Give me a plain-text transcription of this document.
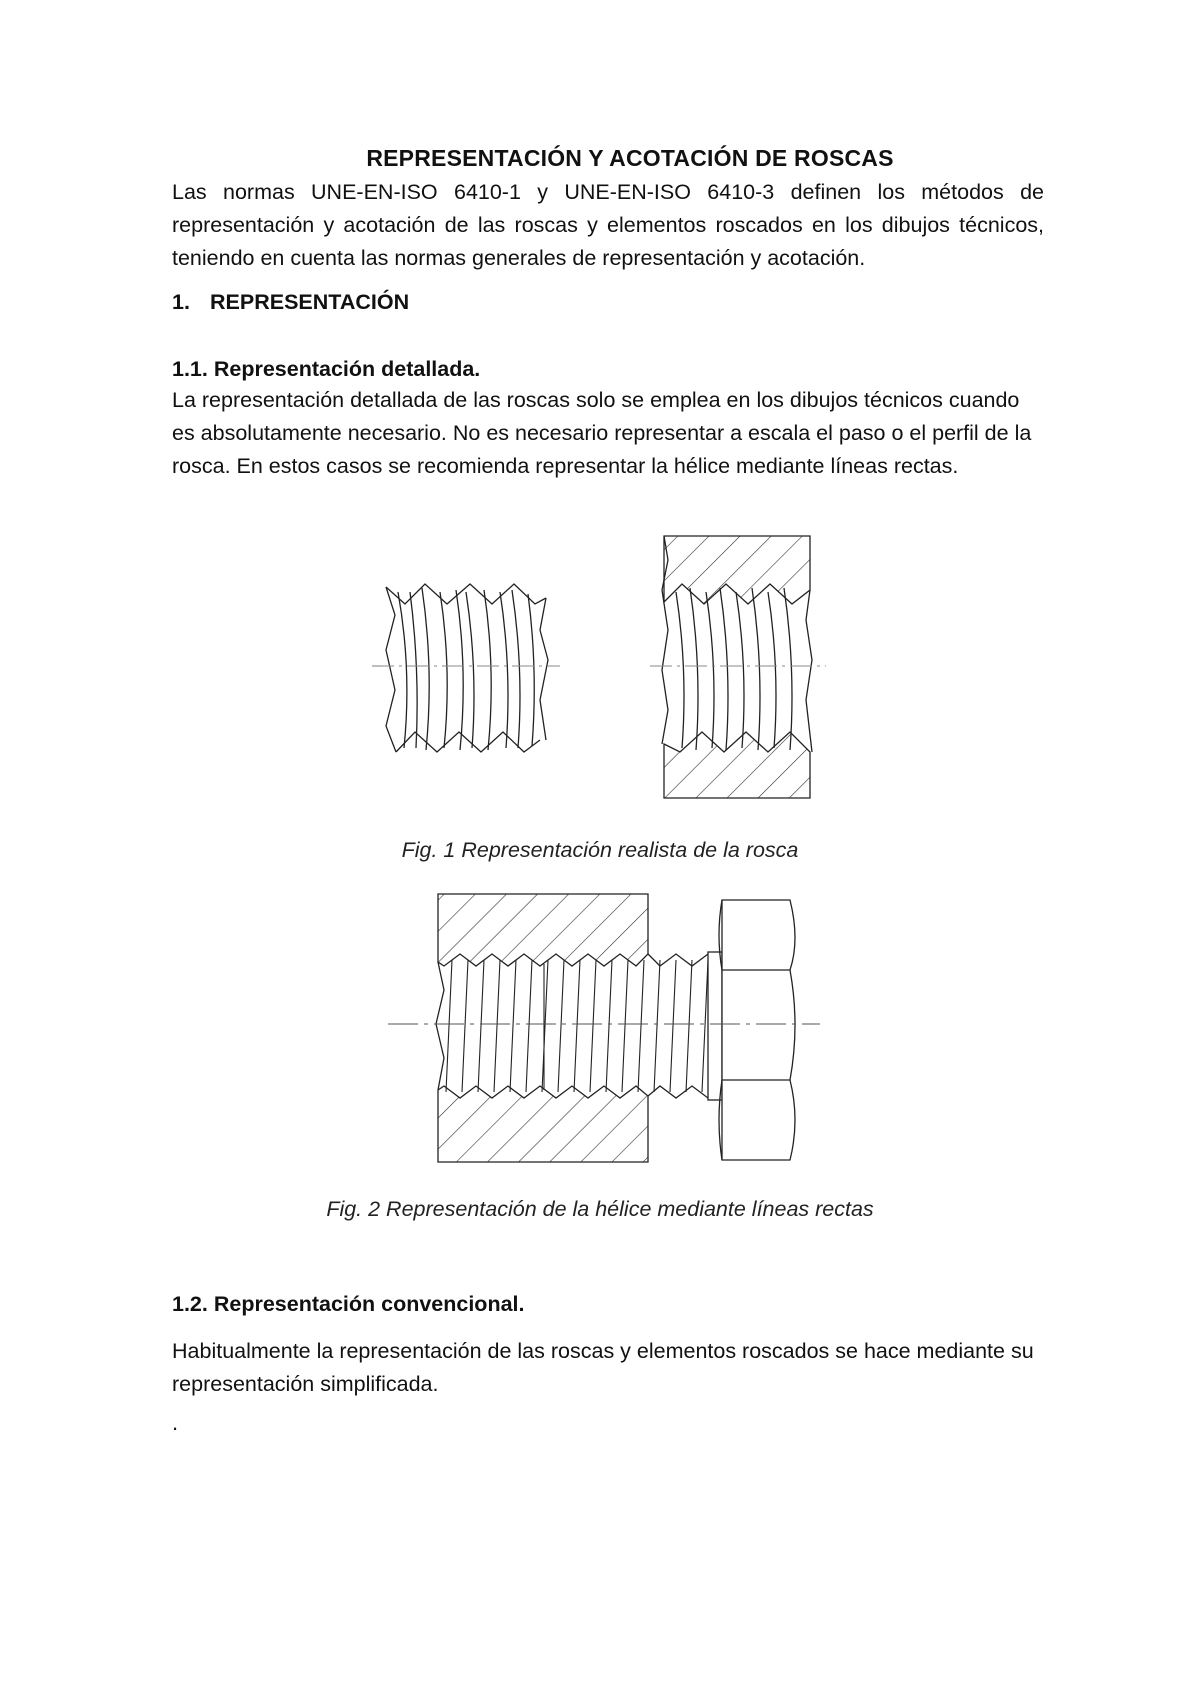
REPRESENTACIÓN Y ACOTACIÓN DE ROSCAS

Las normas UNE-EN-ISO 6410-1 y UNE-EN-ISO 6410-3 definen los métodos de representación y acotación de las roscas y elementos roscados en los dibujos técnicos, teniendo en cuenta las normas generales de representación y acotación.

1. REPRESENTACIÓN
1.1. Representación detallada.

La representación detallada de las roscas solo se emplea en los dibujos técnicos cuando es absolutamente necesario. No es necesario representar a escala el paso o el perfil de la rosca. En estos casos se recomienda representar la hélice mediante líneas rectas.

Fig. 1 Representación realista de la rosca

Fig. 2 Representación de la hélice mediante líneas rectas

1.2. Representación convencional.

Habitualmente la representación de las roscas y elementos roscados se hace mediante su representación simplificada.

.
